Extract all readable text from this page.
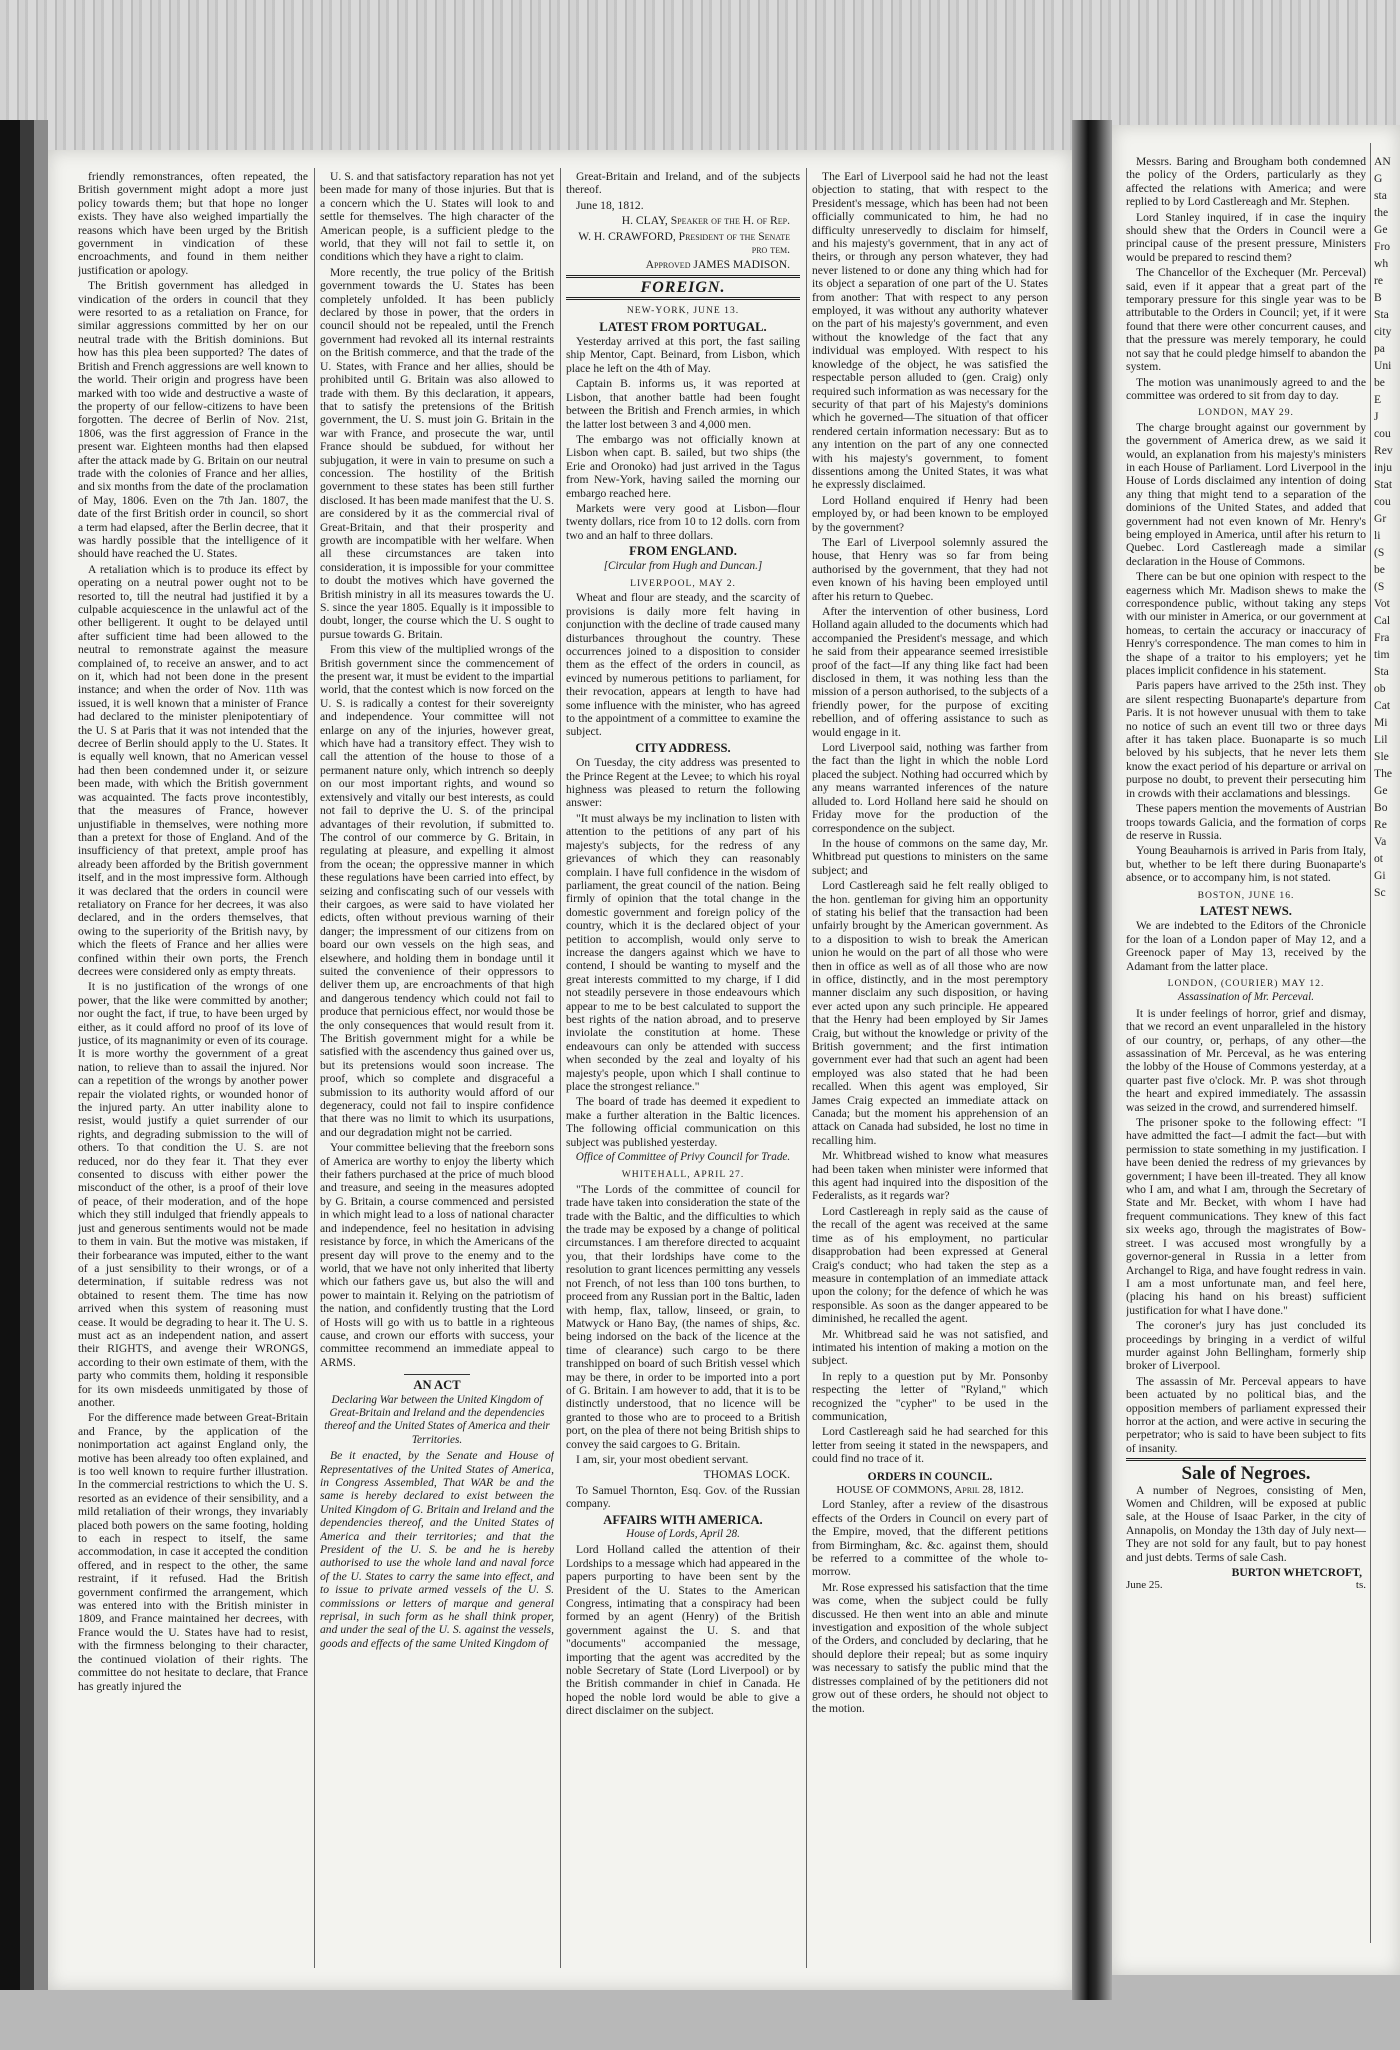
friendly remonstrances, often repeated, the British government might adopt a more just policy towards them; but that hope no longer exists. They have also weighed impartially the reasons which have been urged by the British government in vindication of these encroachments, and found in them neither justification or apology.

The British government has alledged in vindication of the orders in council that they were resorted to as a retaliation on France, for similar aggressions committed by her on our neutral trade with the British dominions. But how has this plea been supported? The dates of British and French aggressions are well known to the world. Their origin and progress have been marked with too wide and destructive a waste of the property of our fellow-citizens to have been forgotten. The decree of Berlin of Nov. 21st, 1806, was the first aggression of France in the present war. Eighteen months had then elapsed after the attack made by G. Britain on our neutral trade with the colonies of France and her allies, and six months from the date of the proclamation of May, 1806. Even on the 7th Jan. 1807, the date of the first British order in council, so short a term had elapsed, after the Berlin decree, that it was hardly possible that the intelligence of it should have reached the U. States.

A retaliation which is to produce its effect by operating on a neutral power ought not to be resorted to, till the neutral had justified it by a culpable acquiescence in the unlawful act of the other belligerent. It ought to be delayed until after sufficient time had been allowed to the neutral to remonstrate against the measure complained of, to receive an answer, and to act on it, which had not been done in the present instance; and when the order of Nov. 11th was issued, it is well known that a minister of France had declared to the minister plenipotentiary of the U. S at Paris that it was not intended that the decree of Berlin should apply to the U. States. It is equally well known, that no American vessel had then been condemned under it, or seizure been made, with which the British government was acquainted. The facts prove incontestibly, that the measures of France, however unjustifiable in themselves, were nothing more than a pretext for those of England. And of the insufficiency of that pretext, ample proof has already been afforded by the British government itself, and in the most impressive form. Although it was declared that the orders in council were retaliatory on France for her decrees, it was also declared, and in the orders themselves, that owing to the superiority of the British navy, by which the fleets of France and her allies were confined within their own ports, the French decrees were considered only as empty threats.

It is no justification of the wrongs of one power, that the like were committed by another; nor ought the fact, if true, to have been urged by either, as it could afford no proof of its love of justice, of its magnanimity or even of its courage. It is more worthy the government of a great nation, to relieve than to assail the injured. Nor can a repetition of the wrongs by another power repair the violated rights, or wounded honor of the injured party. An utter inability alone to resist, would justify a quiet surrender of our rights, and degrading submission to the will of others. To that condition the U. S. are not reduced, nor do they fear it. That they ever consented to discuss with either power the misconduct of the other, is a proof of their love of peace, of their moderation, and of the hope which they still indulged that friendly appeals to just and generous sentiments would not be made to them in vain. But the motive was mistaken, if their forbearance was imputed, either to the want of a just sensibility to their wrongs, or of a determination, if suitable redress was not obtained to resent them. The time has now arrived when this system of reasoning must cease. It would be degrading to hear it. The U. S. must act as an independent nation, and assert their RIGHTS, and avenge their WRONGS, according to their own estimate of them, with the party who commits them, holding it responsible for its own misdeeds unmitigated by those of another.

For the difference made between Great-Britain and France, by the application of the nonimportation act against England only, the motive has been already too often explained, and is too well known to require further illustration. In the commercial restrictions to which the U. S. resorted as an evidence of their sensibility, and a mild retaliation of their wrongs, they invariably placed both powers on the same footing, holding to each in respect to itself, the same accommodation, in case it accepted the condition offered, and in respect to the other, the same restraint, if it refused. Had the British government confirmed the arrangement, which was entered into with the British minister in 1809, and France maintained her decrees, with France would the U. States have had to resist, with the firmness belonging to their character, the continued violation of their rights. The committee do not hesitate to declare, that France has greatly injured the

U. S. and that satisfactory reparation has not yet been made for many of those injuries. But that is a concern which the U. States will look to and settle for themselves. The high character of the American people, is a sufficient pledge to the world, that they will not fail to settle it, on conditions which they have a right to claim.

More recently, the true policy of the British government towards the U. States has been completely unfolded. It has been publicly declared by those in power, that the orders in council should not be repealed, until the French government had revoked all its internal restraints on the British commerce, and that the trade of the U. States, with France and her allies, should be prohibited until G. Britain was also allowed to trade with them. By this declaration, it appears, that to satisfy the pretensions of the British government, the U. S. must join G. Britain in the war with France, and prosecute the war, until France should be subdued, for without her subjugation, it were in vain to presume on such a concession. The hostility of the British government to these states has been still further disclosed. It has been made manifest that the U. S. are considered by it as the commercial rival of Great-Britain, and that their prosperity and growth are incompatible with her welfare. When all these circumstances are taken into consideration, it is impossible for your committee to doubt the motives which have governed the British ministry in all its measures towards the U. S. since the year 1805. Equally is it impossible to doubt, longer, the course which the U. S ought to pursue towards G. Britain.

From this view of the multiplied wrongs of the British government since the commencement of the present war, it must be evident to the impartial world, that the contest which is now forced on the U. S. is radically a contest for their sovereignty and independence. Your committee will not enlarge on any of the injuries, however great, which have had a transitory effect. They wish to call the attention of the house to those of a permanent nature only, which intrench so deeply on our most important rights, and wound so extensively and vitally our best interests, as could not fail to deprive the U. S. of the principal advantages of their revolution, if submitted to. The control of our commerce by G. Britain, in regulating at pleasure, and expelling it almost from the ocean; the oppressive manner in which these regulations have been carried into effect, by seizing and confiscating such of our vessels with their cargoes, as were said to have violated her edicts, often without previous warning of their danger; the impressment of our citizens from on board our own vessels on the high seas, and elsewhere, and holding them in bondage until it suited the convenience of their oppressors to deliver them up, are encroachments of that high and dangerous tendency which could not fail to produce that pernicious effect, nor would those be the only consequences that would result from it. The British government might for a while be satisfied with the ascendency thus gained over us, but its pretensions would soon increase. The proof, which so complete and disgraceful a submission to its authority would afford of our degeneracy, could not fail to inspire confidence that there was no limit to which its usurpations, and our degradation might not be carried.

Your committee believing that the freeborn sons of America are worthy to enjoy the liberty which their fathers purchased at the price of much blood and treasure, and seeing in the measures adopted by G. Britain, a course commenced and persisted in which might lead to a loss of national character and independence, feel no hesitation in advising resistance by force, in which the Americans of the present day will prove to the enemy and to the world, that we have not only inherited that liberty which our fathers gave us, but also the will and power to maintain it. Relying on the patriotism of the nation, and confidently trusting that the Lord of Hosts will go with us to battle in a righteous cause, and crown our efforts with success, your committee recommend an immediate appeal to ARMS.

AN ACT
Declaring War between the United Kingdom of Great-Britain and Ireland and the dependencies thereof and the United States of America and their Territories.

Be it enacted, by the Senate and House of Representatives of the United States of America, in Congress Assembled, That WAR be and the same is hereby declared to exist between the United Kingdom of G. Britain and Ireland and the dependencies thereof, and the United States of America and their territories; and that the President of the U. S. be and he is hereby authorised to use the whole land and naval force of the U. States to carry the same into effect, and to issue to private armed vessels of the U. S. commissions or letters of marque and general reprisal, in such form as he shall think proper, and under the seal of the U. S. against the vessels, goods and effects of the same United Kingdom of

Great-Britain and Ireland, and of the subjects thereof.

June 18, 1812.

H. CLAY, Speaker of the H. of Rep.
W. H. CRAWFORD, President of the Senate pro tem.
Approved JAMES MADISON.
FOREIGN.
NEW-YORK, JUNE 13.
LATEST FROM PORTUGAL.

Yesterday arrived at this port, the fast sailing ship Mentor, Capt. Beinard, from Lisbon, which place he left on the 4th of May.

Captain B. informs us, it was reported at Lisbon, that another battle had been fought between the British and French armies, in which the latter lost between 3 and 4,000 men.

The embargo was not officially known at Lisbon when capt. B. sailed, but two ships (the Erie and Oronoko) had just arrived in the Tagus from New-York, having sailed the morning our embargo reached here.

Markets were very good at Lisbon—flour twenty dollars, rice from 10 to 12 dolls. corn from two and an half to three dollars.

FROM ENGLAND.
[Circular from Hugh and Duncan.]
LIVERPOOL, MAY 2.

Wheat and flour are steady, and the scarcity of provisions is daily more felt having in conjunction with the decline of trade caused many disturbances throughout the country. These occurrences joined to a disposition to consider them as the effect of the orders in council, as evinced by numerous petitions to parliament, for their revocation, appears at length to have had some influence with the minister, who has agreed to the appointment of a committee to examine the subject.

CITY ADDRESS.

On Tuesday, the city address was presented to the Prince Regent at the Levee; to which his royal highness was pleased to return the following answer:

"It must always be my inclination to listen with attention to the petitions of any part of his majesty's subjects, for the redress of any grievances of which they can reasonably complain. I have full confidence in the wisdom of parliament, the great council of the nation. Being firmly of opinion that the total change in the domestic government and foreign policy of the country, which it is the declared object of your petition to accomplish, would only serve to increase the dangers against which we have to contend, I should be wanting to myself and the great interests committed to my charge, if I did not steadily persevere in those endeavours which appear to me to be best calculated to support the best rights of the nation abroad, and to preserve inviolate the constitution at home. These endeavours can only be attended with success when seconded by the zeal and loyalty of his majesty's people, upon which I shall continue to place the strongest reliance."

The board of trade has deemed it expedient to make a further alteration in the Baltic licences. The following official communication on this subject was published yesterday.

Office of Committee of Privy Council for Trade.
WHITEHALL, APRIL 27.

"The Lords of the committee of council for trade have taken into consideration the state of the trade with the Baltic, and the difficulties to which the trade may be exposed by a change of political circumstances. I am therefore directed to acquaint you, that their lordships have come to the resolution to grant licences permitting any vessels not French, of not less than 100 tons burthen, to proceed from any Russian port in the Baltic, laden with hemp, flax, tallow, linseed, or grain, to Matwyck or Hano Bay, (the names of ships, &c. being indorsed on the back of the licence at the time of clearance) such cargo to be there transhipped on board of such British vessel which may be there, in order to be imported into a port of G. Britain. I am however to add, that it is to be distinctly understood, that no licence will be granted to those who are to proceed to a British port, on the plea of there not being British ships to convey the said cargoes to G. Britain.

I am, sir, your most obedient servant.

THOMAS LOCK.

To Samuel Thornton, Esq. Gov. of the Russian company.

AFFAIRS WITH AMERICA.
House of Lords, April 28.

Lord Holland called the attention of their Lordships to a message which had appeared in the papers purporting to have been sent by the President of the U. States to the American Congress, intimating that a conspiracy had been formed by an agent (Henry) of the British government against the U. S. and that "documents" accompanied the message, importing that the agent was accredited by the noble Secretary of State (Lord Liverpool) or by the British commander in chief in Canada. He hoped the noble lord would be able to give a direct disclaimer on the subject.

The Earl of Liverpool said he had not the least objection to stating, that with respect to the President's message, which has been had not been officially communicated to him, he had no difficulty unreservedly to disclaim for himself, and his majesty's government, that in any act of theirs, or through any person whatever, they had never listened to or done any thing which had for its object a separation of one part of the U. States from another: That with respect to any person employed, it was without any authority whatever on the part of his majesty's government, and even without the knowledge of the fact that any individual was employed. With respect to his knowledge of the object, he was satisfied the respectable person alluded to (gen. Craig) only required such information as was necessary for the security of that part of his Majesty's dominions which he governed—The situation of that officer rendered certain information necessary: But as to any intention on the part of any one connected with his majesty's government, to foment dissentions among the United States, it was what he expressly disclaimed.

Lord Holland enquired if Henry had been employed by, or had been known to be employed by the government?

The Earl of Liverpool solemnly assured the house, that Henry was so far from being authorised by the government, that they had not even known of his having been employed until after his return to Quebec.

After the intervention of other business, Lord Holland again alluded to the documents which had accompanied the President's message, and which he said from their appearance seemed irresistible proof of the fact—If any thing like fact had been disclosed in them, it was nothing less than the mission of a person authorised, to the subjects of a friendly power, for the purpose of exciting rebellion, and of offering assistance to such as would engage in it.

Lord Liverpool said, nothing was farther from the fact than the light in which the noble Lord placed the subject. Nothing had occurred which by any means warranted inferences of the nature alluded to. Lord Holland here said he should on Friday move for the production of the correspondence on the subject.

In the house of commons on the same day, Mr. Whitbread put questions to ministers on the same subject; and

Lord Castlereagh said he felt really obliged to the hon. gentleman for giving him an opportunity of stating his belief that the transaction had been unfairly brought by the American government. As to a disposition to wish to break the American union he would on the part of all those who were then in office as well as of all those who are now in office, distinctly, and in the most peremptory manner disclaim any such disposition, or having ever acted upon any such principle. He appeared that the Henry had been employed by Sir James Craig, but without the knowledge or privity of the British government; and the first intimation government ever had that such an agent had been employed was also stated that he had been recalled. When this agent was employed, Sir James Craig expected an immediate attack on Canada; but the moment his apprehension of an attack on Canada had subsided, he lost no time in recalling him.

Mr. Whitbread wished to know what measures had been taken when minister were informed that this agent had inquired into the disposition of the Federalists, as it regards war?

Lord Castlereagh in reply said as the cause of the recall of the agent was received at the same time as of his employment, no particular disapprobation had been expressed at General Craig's conduct; who had taken the step as a measure in contemplation of an immediate attack upon the colony; for the defence of which he was responsible. As soon as the danger appeared to be diminished, he recalled the agent.

Mr. Whitbread said he was not satisfied, and intimated his intention of making a motion on the subject.

In reply to a question put by Mr. Ponsonby respecting the letter of "Ryland," which recognized the "cypher" to be used in the communication,

Lord Castlereagh said he had searched for this letter from seeing it stated in the newspapers, and could find no trace of it.

ORDERS IN COUNCIL.
HOUSE OF COMMONS, April 28, 1812.

Lord Stanley, after a review of the disastrous effects of the Orders in Council on every part of the Empire, moved, that the different petitions from Birmingham, &c. &c. against them, should be referred to a committee of the whole to-morrow.

Mr. Rose expressed his satisfaction that the time was come, when the subject could be fully discussed. He then went into an able and minute investigation and exposition of the whole subject of the Orders, and concluded by declaring, that he should deplore their repeal; but as some inquiry was necessary to satisfy the public mind that the distresses complained of by the petitioners did not grow out of these orders, he should not object to the motion.

Messrs. Baring and Brougham both condemned the policy of the Orders, particularly as they affected the relations with America; and were replied to by Lord Castlereagh and Mr. Stephen.

Lord Stanley inquired, if in case the inquiry should shew that the Orders in Council were a principal cause of the present pressure, Ministers would be prepared to rescind them?

The Chancellor of the Exchequer (Mr. Perceval) said, even if it appear that a great part of the temporary pressure for this single year was to be attributable to the Orders in Council; yet, if it were found that there were other concurrent causes, and that the pressure was merely temporary, he could not say that he could pledge himself to abandon the system.

The motion was unanimously agreed to and the committee was ordered to sit from day to day.

LONDON, MAY 29.

The charge brought against our government by the government of America drew, as we said it would, an explanation from his majesty's ministers in each House of Parliament. Lord Liverpool in the House of Lords disclaimed any intention of doing any thing that might tend to a separation of the dominions of the United States, and added that government had not even known of Mr. Henry's being employed in America, until after his return to Quebec. Lord Castlereagh made a similar declaration in the House of Commons.

There can be but one opinion with respect to the eagerness which Mr. Madison shews to make the correspondence public, without taking any steps with our minister in America, or our government at homeas, to certain the accuracy or inaccuracy of Henry's correspondence. The man comes to him in the shape of a traitor to his employers; yet he places implicit confidence in his statement.

Paris papers have arrived to the 25th inst. They are silent respecting Buonaparte's departure from Paris. It is not however unusual with them to take no notice of such an event till two or three days after it has taken place. Buonaparte is so much beloved by his subjects, that he never lets them know the exact period of his departure or arrival on purpose no doubt, to prevent their persecuting him in crowds with their acclamations and blessings.

These papers mention the movements of Austrian troops towards Galicia, and the formation of corps de reserve in Russia.

Young Beauharnois is arrived in Paris from Italy, but, whether to be left there during Buonaparte's absence, or to accompany him, is not stated.

BOSTON, JUNE 16.
LATEST NEWS.

We are indebted to the Editors of the Chronicle for the loan of a London paper of May 12, and a Greenock paper of May 13, received by the Adamant from the latter place.

LONDON, (COURIER) MAY 12.
Assassination of Mr. Perceval.

It is under feelings of horror, grief and dismay, that we record an event unparalleled in the history of our country, or, perhaps, of any other—the assassination of Mr. Perceval, as he was entering the lobby of the House of Commons yesterday, at a quarter past five o'clock. Mr. P. was shot through the heart and expired immediately. The assassin was seized in the crowd, and surrendered himself.

The prisoner spoke to the following effect: "I have admitted the fact—I admit the fact—but with permission to state something in my justification. I have been denied the redress of my grievances by government; I have been ill-treated. They all know who I am, and what I am, through the Secretary of State and Mr. Becket, with whom I have had frequent communications. They knew of this fact six weeks ago, through the magistrates of Bow-street. I was accused most wrongfully by a governor-general in Russia in a letter from Archangel to Riga, and have fought redress in vain. I am a most unfortunate man, and feel here, (placing his hand on his breast) sufficient justification for what I have done."

The coroner's jury has just concluded its proceedings by bringing in a verdict of wilful murder against John Bellingham, formerly ship broker of Liverpool.

The assassin of Mr. Perceval appears to have been actuated by no political bias, and the opposition members of parliament expressed their horror at the action, and were active in securing the perpetrator; who is said to have been subject to fits of insanity.

Sale of Negroes.

A number of Negroes, consisting of Men, Women and Children, will be exposed at public sale, at the House of Isaac Parker, in the city of Annapolis, on Monday the 13th day of July next—They are not sold for any fault, but to pay honest and just debts. Terms of sale Cash.

BURTON WHETCROFT,
June 25.	ts.
AN
G
sta
the
Ge
Fro
wh
re
B
Sta
city
pa
Uni
be
E
J
cou
Rev
inju
Stat
cou
Gr
li
(S
be
(S
Vot
Cal
Fra
tim
Sta
ob
Cat
Mi
Lil
Sle
The
Ge
Bo
Re
Va
ot
Gi
Sc
